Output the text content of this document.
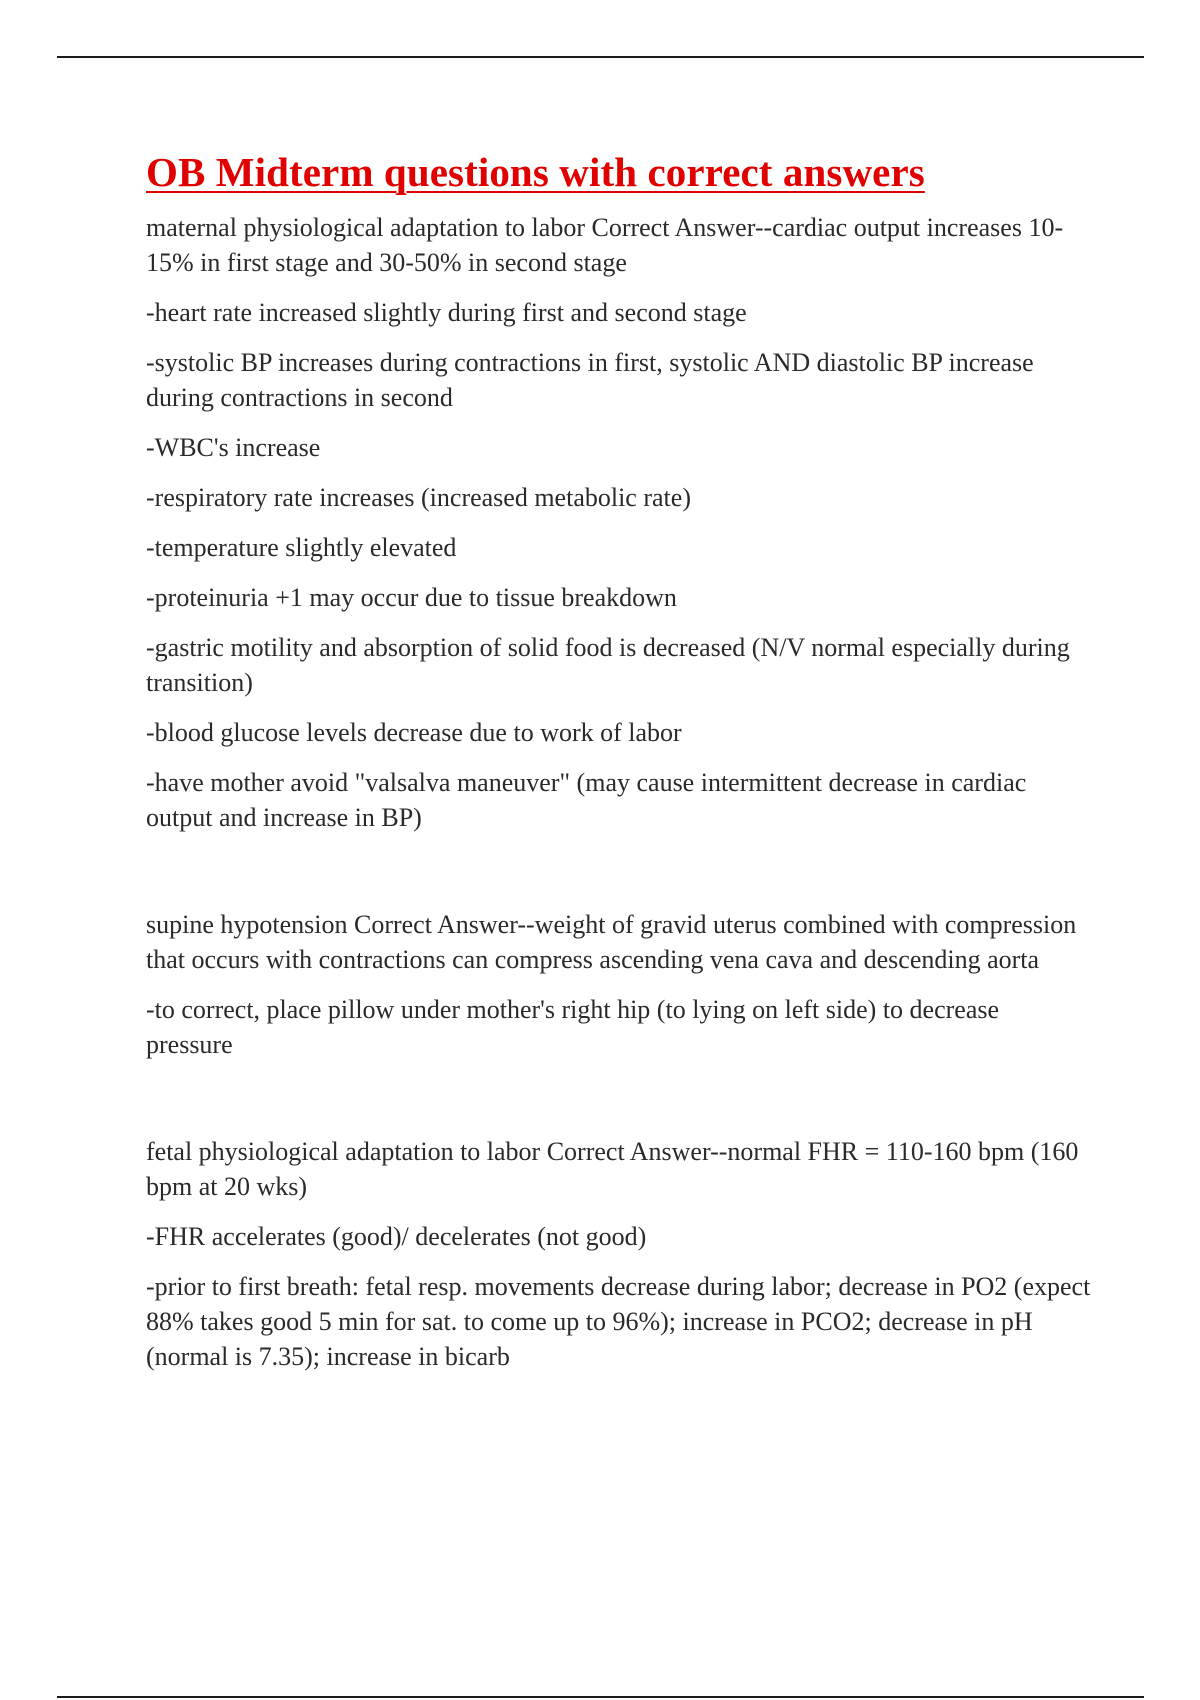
OB Midterm questions with correct answers

maternal physiological adaptation to labor Correct Answer--cardiac output increases 10-15% in first stage and 30-50% in second stage

-heart rate increased slightly during first and second stage

-systolic BP increases during contractions in first, systolic AND diastolic BP increase during contractions in second

-WBC's increase

-respiratory rate increases (increased metabolic rate)

-temperature slightly elevated

-proteinuria +1 may occur due to tissue breakdown

-gastric motility and absorption of solid food is decreased (N/V normal especially during transition)

-blood glucose levels decrease due to work of labor

-have mother avoid "valsalva maneuver" (may cause intermittent decrease in cardiac output and increase in BP)

supine hypotension Correct Answer--weight of gravid uterus combined with compression that occurs with contractions can compress ascending vena cava and descending aorta

-to correct, place pillow under mother's right hip (to lying on left side) to decrease pressure

fetal physiological adaptation to labor Correct Answer--normal FHR = 110-160 bpm (160 bpm at 20 wks)

-FHR accelerates (good)/ decelerates (not good)

-prior to first breath: fetal resp. movements decrease during labor; decrease in PO2 (expect 88% takes good 5 min for sat. to come up to 96%); increase in PCO2; decrease in pH (normal is 7.35); increase in bicarb
